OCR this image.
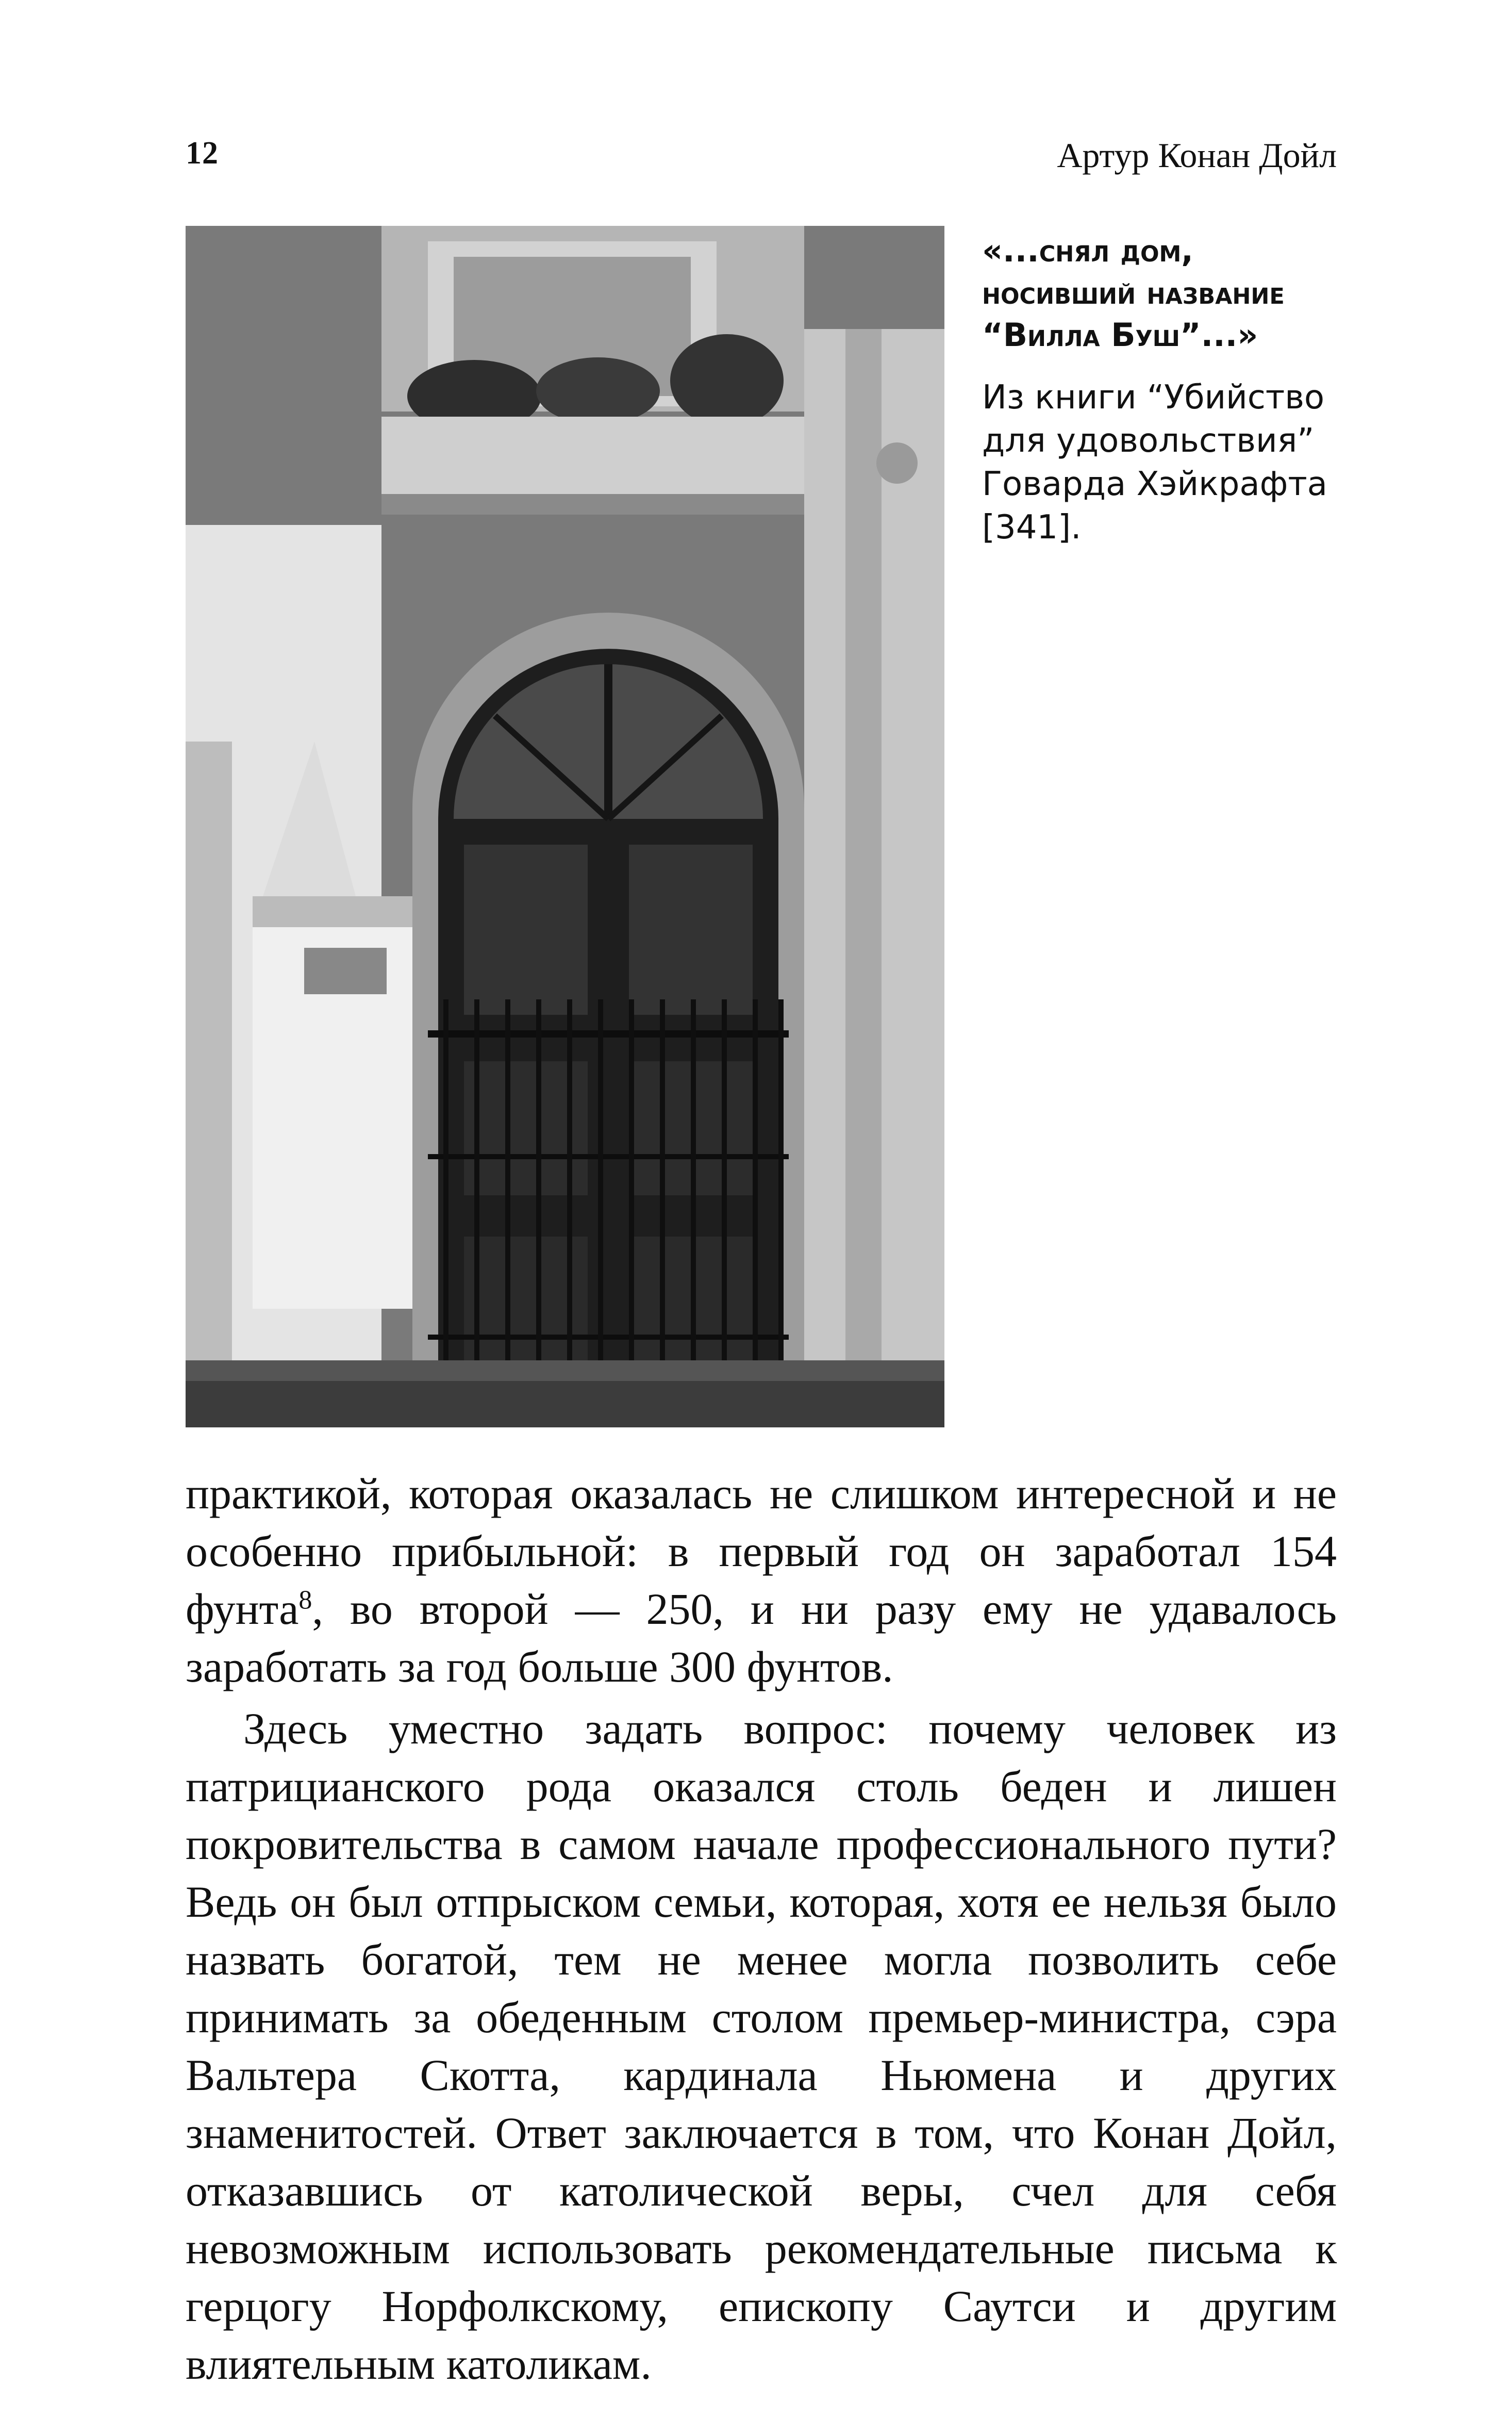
12	Артур Конан Дойл

«...снял дом, носивший название “Вилла Буш”...»

Из книги “Убийство для удовольствия” Говарда Хэйкрафта [341].

практикой, которая оказалась не слишком интересной и не особенно прибыльной: в первый год он заработал 154 фунта$^8$, во второй — 250, и ни разу ему не удавалось заработать за год больше 300 фунтов.

Здесь уместно задать вопрос: почему человек из патрицианского рода оказался столь беден и лишен покровительства в самом начале профессионального пути? Ведь он был отпрыском семьи, которая, хотя ее нельзя было назвать богатой, тем не менее могла позволить себе принимать за обеденным столом премьер-министра, сэра Вальтера Скотта, кардинала Ньюмена и других знаменитостей. Ответ заключается в том, что Конан Дойл, отказавшись от католической веры, счел для себя невозможным использовать рекомендательные письма к герцогу Норфолкскому, епископу Саутси и другим влиятельным католикам.
